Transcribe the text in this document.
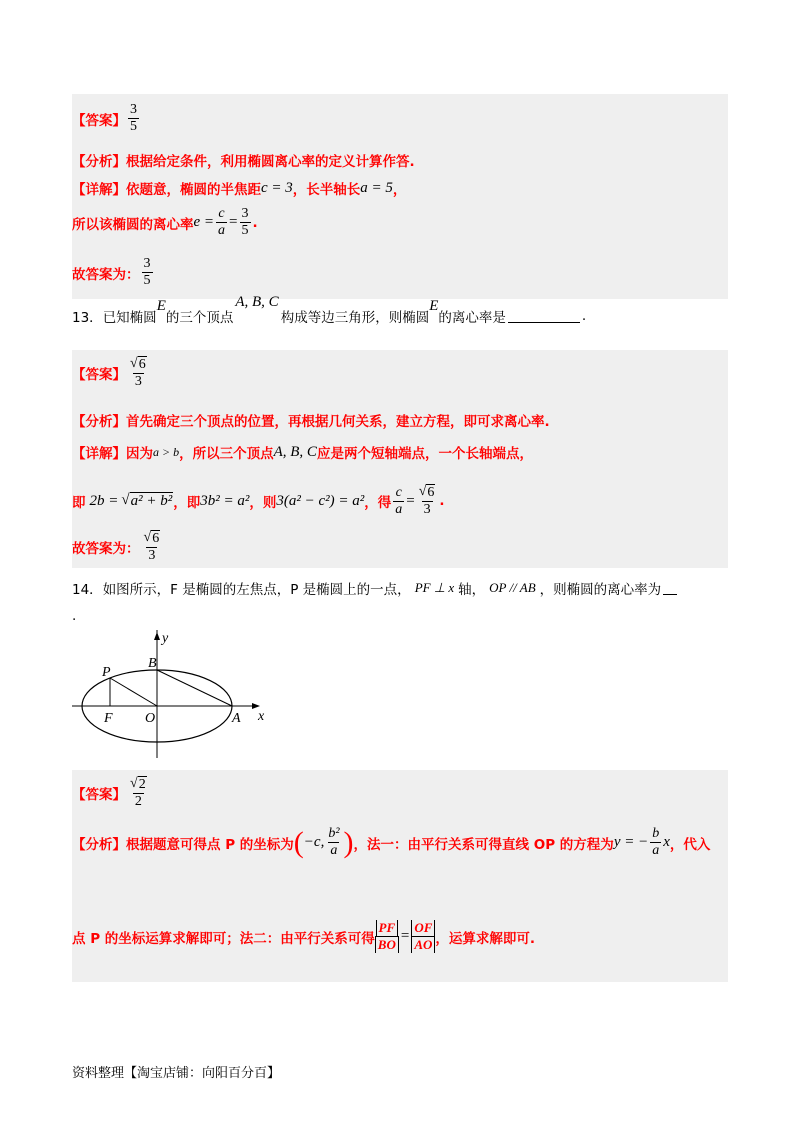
【答案】 $\frac{3}{5}$
【分析】 根据给定条件，利用椭圆离心率的定义计算作答.
【详解】 依题意，椭圆的半焦距 c = 3 ，长半轴长 a = 5 ，
所以该椭圆的离心率 $e = \frac{c}{a} = \frac{3}{5}$ .
故答案为： $\frac{3}{5}$
13． 已知椭圆
E
的三个顶点
A, B, C
构成等边三角形，则椭圆
E
的离心率是	.
【答案】 $\frac{√ 6}{3}$
【分析】 首先确定三个顶点的位置，再根据几何关系，建立方程，即可求离心率.
【详解】 因为 a > b ，所以三个顶点 A, B, C 应是两个短轴端点，一个长轴端点，
即 2b = √ a² + b² ，即 3b² = a² ，则 3(a² − c²) = a² ，得 $\frac{c}{a} = \frac{√ 6}{3}$ .
故答案为： $\frac{√ 6}{3}$
14． 如图所示，F 是椭圆的左焦点，P 是椭圆上的一点， PF ⊥ x 轴， OP // AB ，则椭圆的离心率为
.
y
x
P
B
F O	A
【答案】 $\frac{√ 2}{2}$
【分析】 根据题意可得点 P 的坐标为 ( −c, $\frac{\text{b²}}{a}$ ) ，法一：由平行关系可得直线 OP 的方程为 y = − $\frac{b}{a}$ x ，代入
点 P 的坐标运算求解即可；法二：由平行关系可得 $\frac{PF}{BO} = \frac{OF}{AO}$ ，运算求解即可.
资料整理【淘宝店铺：向阳百分百】
